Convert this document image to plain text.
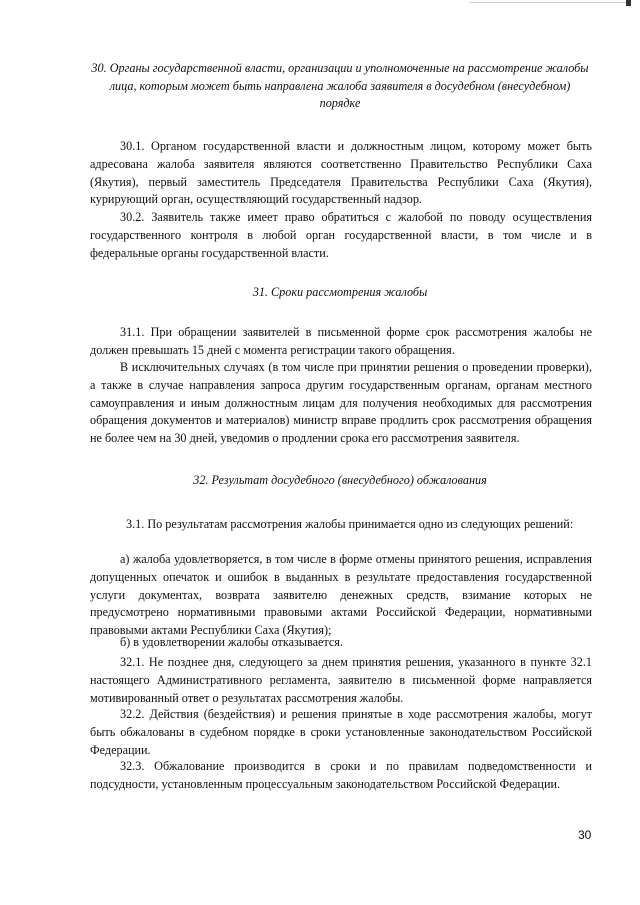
30. Органы государственной власти, организации и уполномоченные на рассмотрение жалобы лица, которым может быть направлена жалоба заявителя в досудебном (внесудебном) порядке
30.1. Органом государственной власти и должностным лицом, которому может быть адресована жалоба заявителя являются соответственно Правительство Республики Саха (Якутия), первый заместитель Председателя Правительства Республики Саха (Якутия), курирующий орган, осуществляющий государственный надзор.
30.2. Заявитель также имеет право обратиться с жалобой по поводу осуществления государственного контроля в любой орган государственной власти, в том числе и в федеральные органы государственной власти.
31. Сроки рассмотрения жалобы
31.1. При обращении заявителей в письменной форме срок рассмотрения жалобы не должен превышать 15 дней с момента регистрации такого обращения.
В исключительных случаях (в том числе при принятии решения о проведении проверки), а также в случае направления запроса другим государственным органам, органам местного самоуправления и иным должностным лицам для получения необходимых для рассмотрения обращения документов и материалов) министр вправе продлить срок рассмотрения обращения не более чем на 30 дней, уведомив о продлении срока его рассмотрения заявителя.
32. Результат досудебного (внесудебного) обжалования
3.1. По результатам рассмотрения жалобы принимается одно из следующих решений:
а) жалоба удовлетворяется, в том числе в форме отмены принятого решения, исправления допущенных опечаток и ошибок в выданных в результате предоставления государственной услуги документах, возврата заявителю денежных средств, взимание которых не предусмотрено нормативными правовыми актами Российской Федерации, нормативными правовыми актами Республики Саха (Якутия);
б) в удовлетворении жалобы отказывается.
32.1. Не позднее дня, следующего за днем принятия решения, указанного в пункте 32.1 настоящего Административного регламента, заявителю в письменной форме направляется мотивированный ответ о результатах рассмотрения жалобы.
32.2. Действия (бездействия) и решения принятые в ходе рассмотрения жалобы, могут быть обжалованы в судебном порядке в сроки установленные законодательством Российской Федерации.
32.3. Обжалование производится в сроки и по правилам подведомственности и подсудности, установленным процессуальным законодательством Российской Федерации.
30
